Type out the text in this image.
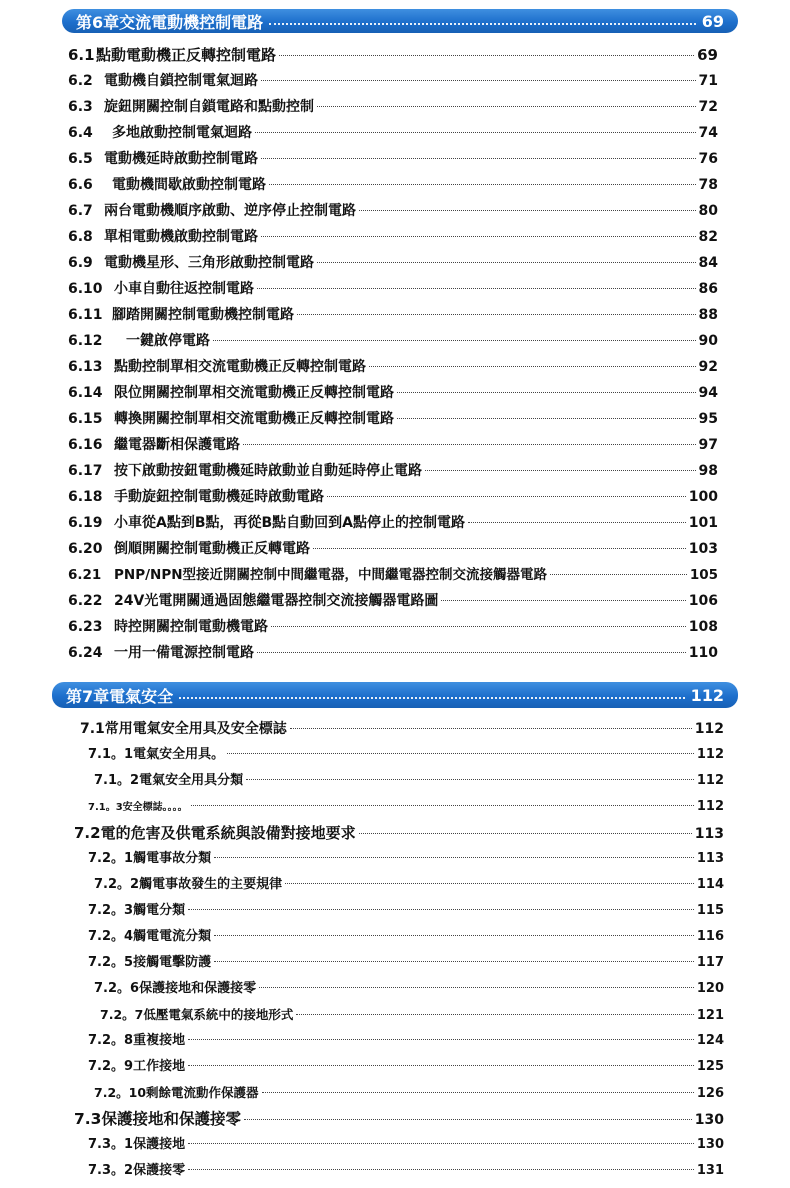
第6章交流電動機控制電路	69
6.1 點動電動機正反轉控制電路	69
6.2 電動機自鎖控制電氣迴路	71
6.3 旋鈕開關控制自鎖電路和點動控制	72
6.4	多地啟動控制電氣迴路	74
6.5 電動機延時啟動控制電路	76
6.6	電動機間歇啟動控制電路	78
6.7 兩台電動機順序啟動、逆序停止控制電路	80
6.8 單相電動機啟動控制電路	82
6.9 電動機星形、三角形啟動控制電路	84
6.10 小車自動往返控制電路	86
6.11 腳踏開關控制電動機控制電路	88
6.12	一鍵啟停電路	90
6.13 點動控制單相交流電動機正反轉控制電路	92
6.14 限位開關控制單相交流電動機正反轉控制電路	94
6.15 轉換開關控制單相交流電動機正反轉控制電路	95
6.16 繼電器斷相保護電路	97
6.17 按下啟動按鈕電動機延時啟動並自動延時停止電路	98
6.18 手動旋鈕控制電動機延時啟動電路	100
6.19 小車從A點到B點，再從B點自動回到A點停止的控制電路	101
6.20 倒順開關控制電動機正反轉電路	103
6.21 PNP/NPN型接近開關控制中間繼電器，中間繼電器控制交流接觸器電路	105
6.22 24V光電開關通過固態繼電器控制交流接觸器電路圖	106
6.23 時控開關控制電動機電路	108
6.24 一用一備電源控制電路	110
第7章電氣安全	112
7.1常用電氣安全用具及安全標誌	112
7.1。1電氣安全用具。	112
7.1。2電氣安全用具分類	112
7.1。3安全標誌。。。。	112
7.2電的危害及供電系統與設備對接地要求	113
7.2。1觸電事故分類	113
7.2。2觸電事故發生的主要規律	114
7.2。3觸電分類	115
7.2。4觸電電流分類	116
7.2。5接觸電擊防護	117
7.2。6保護接地和保護接零	120
7.2。7低壓電氣系統中的接地形式	121
7.2。8重複接地	124
7.2。9工作接地	125
7.2。10剩餘電流動作保護器	126
7.3保護接地和保護接零	130
7.3。1保護接地	130
7.3。2保護接零	131
